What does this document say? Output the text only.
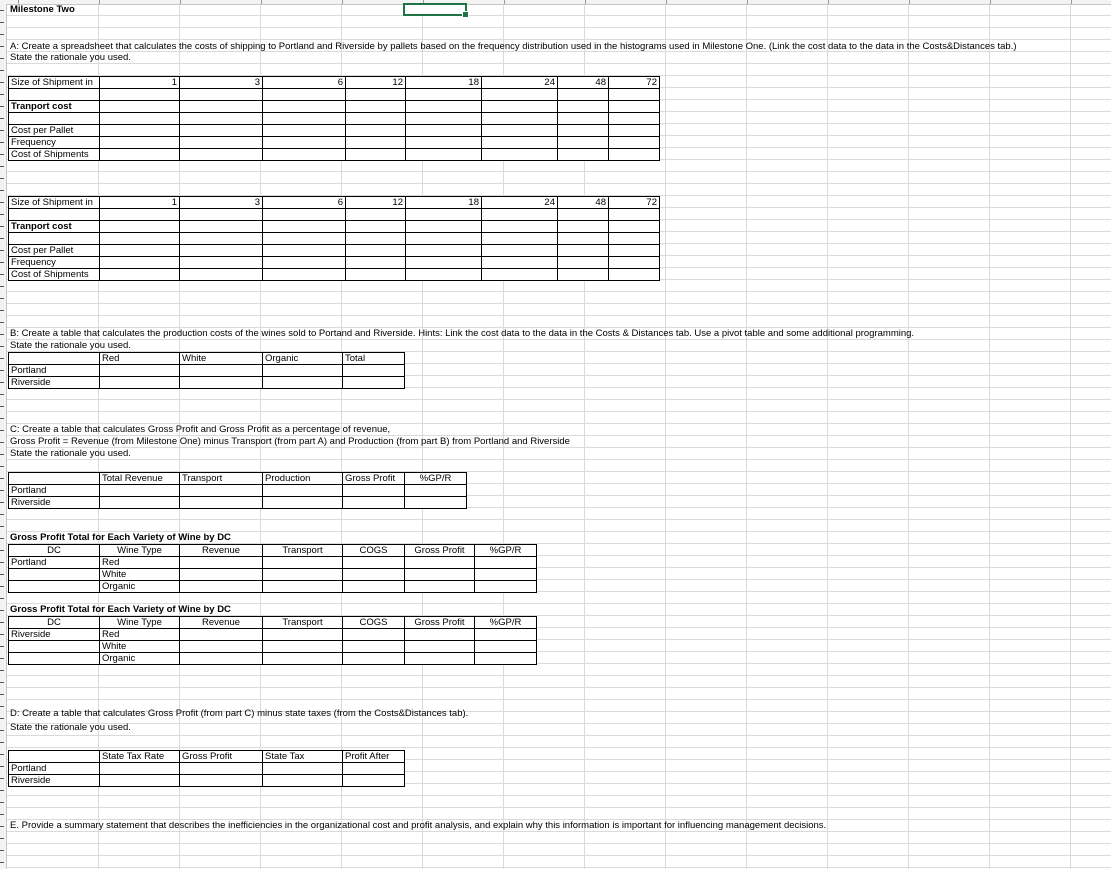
Milestone Two
A: Create a spreadsheet that calculates the costs of shipping to Portland and Riverside by pallets based on the frequency distribution used in the histograms used in Milestone One. (Link the cost data to the data in the Costs&Distances tab.)
State the rationale you used.
Size of Shipment in	1	3	6	12	18	24	48	72

Tranport cost								

Cost per Pallet								
Frequency								
Cost of Shipments								
Size of Shipment in	1	3	6	12	18	24	48	72

Tranport cost								

Cost per Pallet								
Frequency								
Cost of Shipments								
B: Create a table that calculates the production costs of the wines sold to Portand and Riverside. Hints: Link the cost data to the data in the Costs & Distances tab. Use a pivot table and some additional programming.
State the rationale you used.
	Red	White	Organic	Total
Portland				
Riverside				
C: Create a table that calculates Gross Profit and Gross Profit as a percentage of revenue,
Gross Profit = Revenue (from Milestone One) minus Transport (from part A) and Production (from part B) from Portland and Riverside
State the rationale you used.
	Total Revenue	Transport	Production	Gross Profit	%GP/R
Portland					
Riverside					
Gross Profit Total for Each Variety of Wine by DC
DC	Wine Type	Revenue	Transport	COGS	Gross Profit	%GP/R
Portland	Red					
	White					
	Organic					
Gross Profit Total for Each Variety of Wine by DC
DC	Wine Type	Revenue	Transport	COGS	Gross Profit	%GP/R
Riverside	Red					
	White					
	Organic					
D: Create a table that calculates Gross Profit (from part C) minus state taxes (from the Costs&Distances tab).
State the rationale you used.
	State Tax Rate	Gross Profit	State Tax	Profit After
Portland				
Riverside				
E. Provide a summary statement that describes the inefficiencies in the organizational cost and profit analysis, and explain why this information is important for influencing management decisions.
